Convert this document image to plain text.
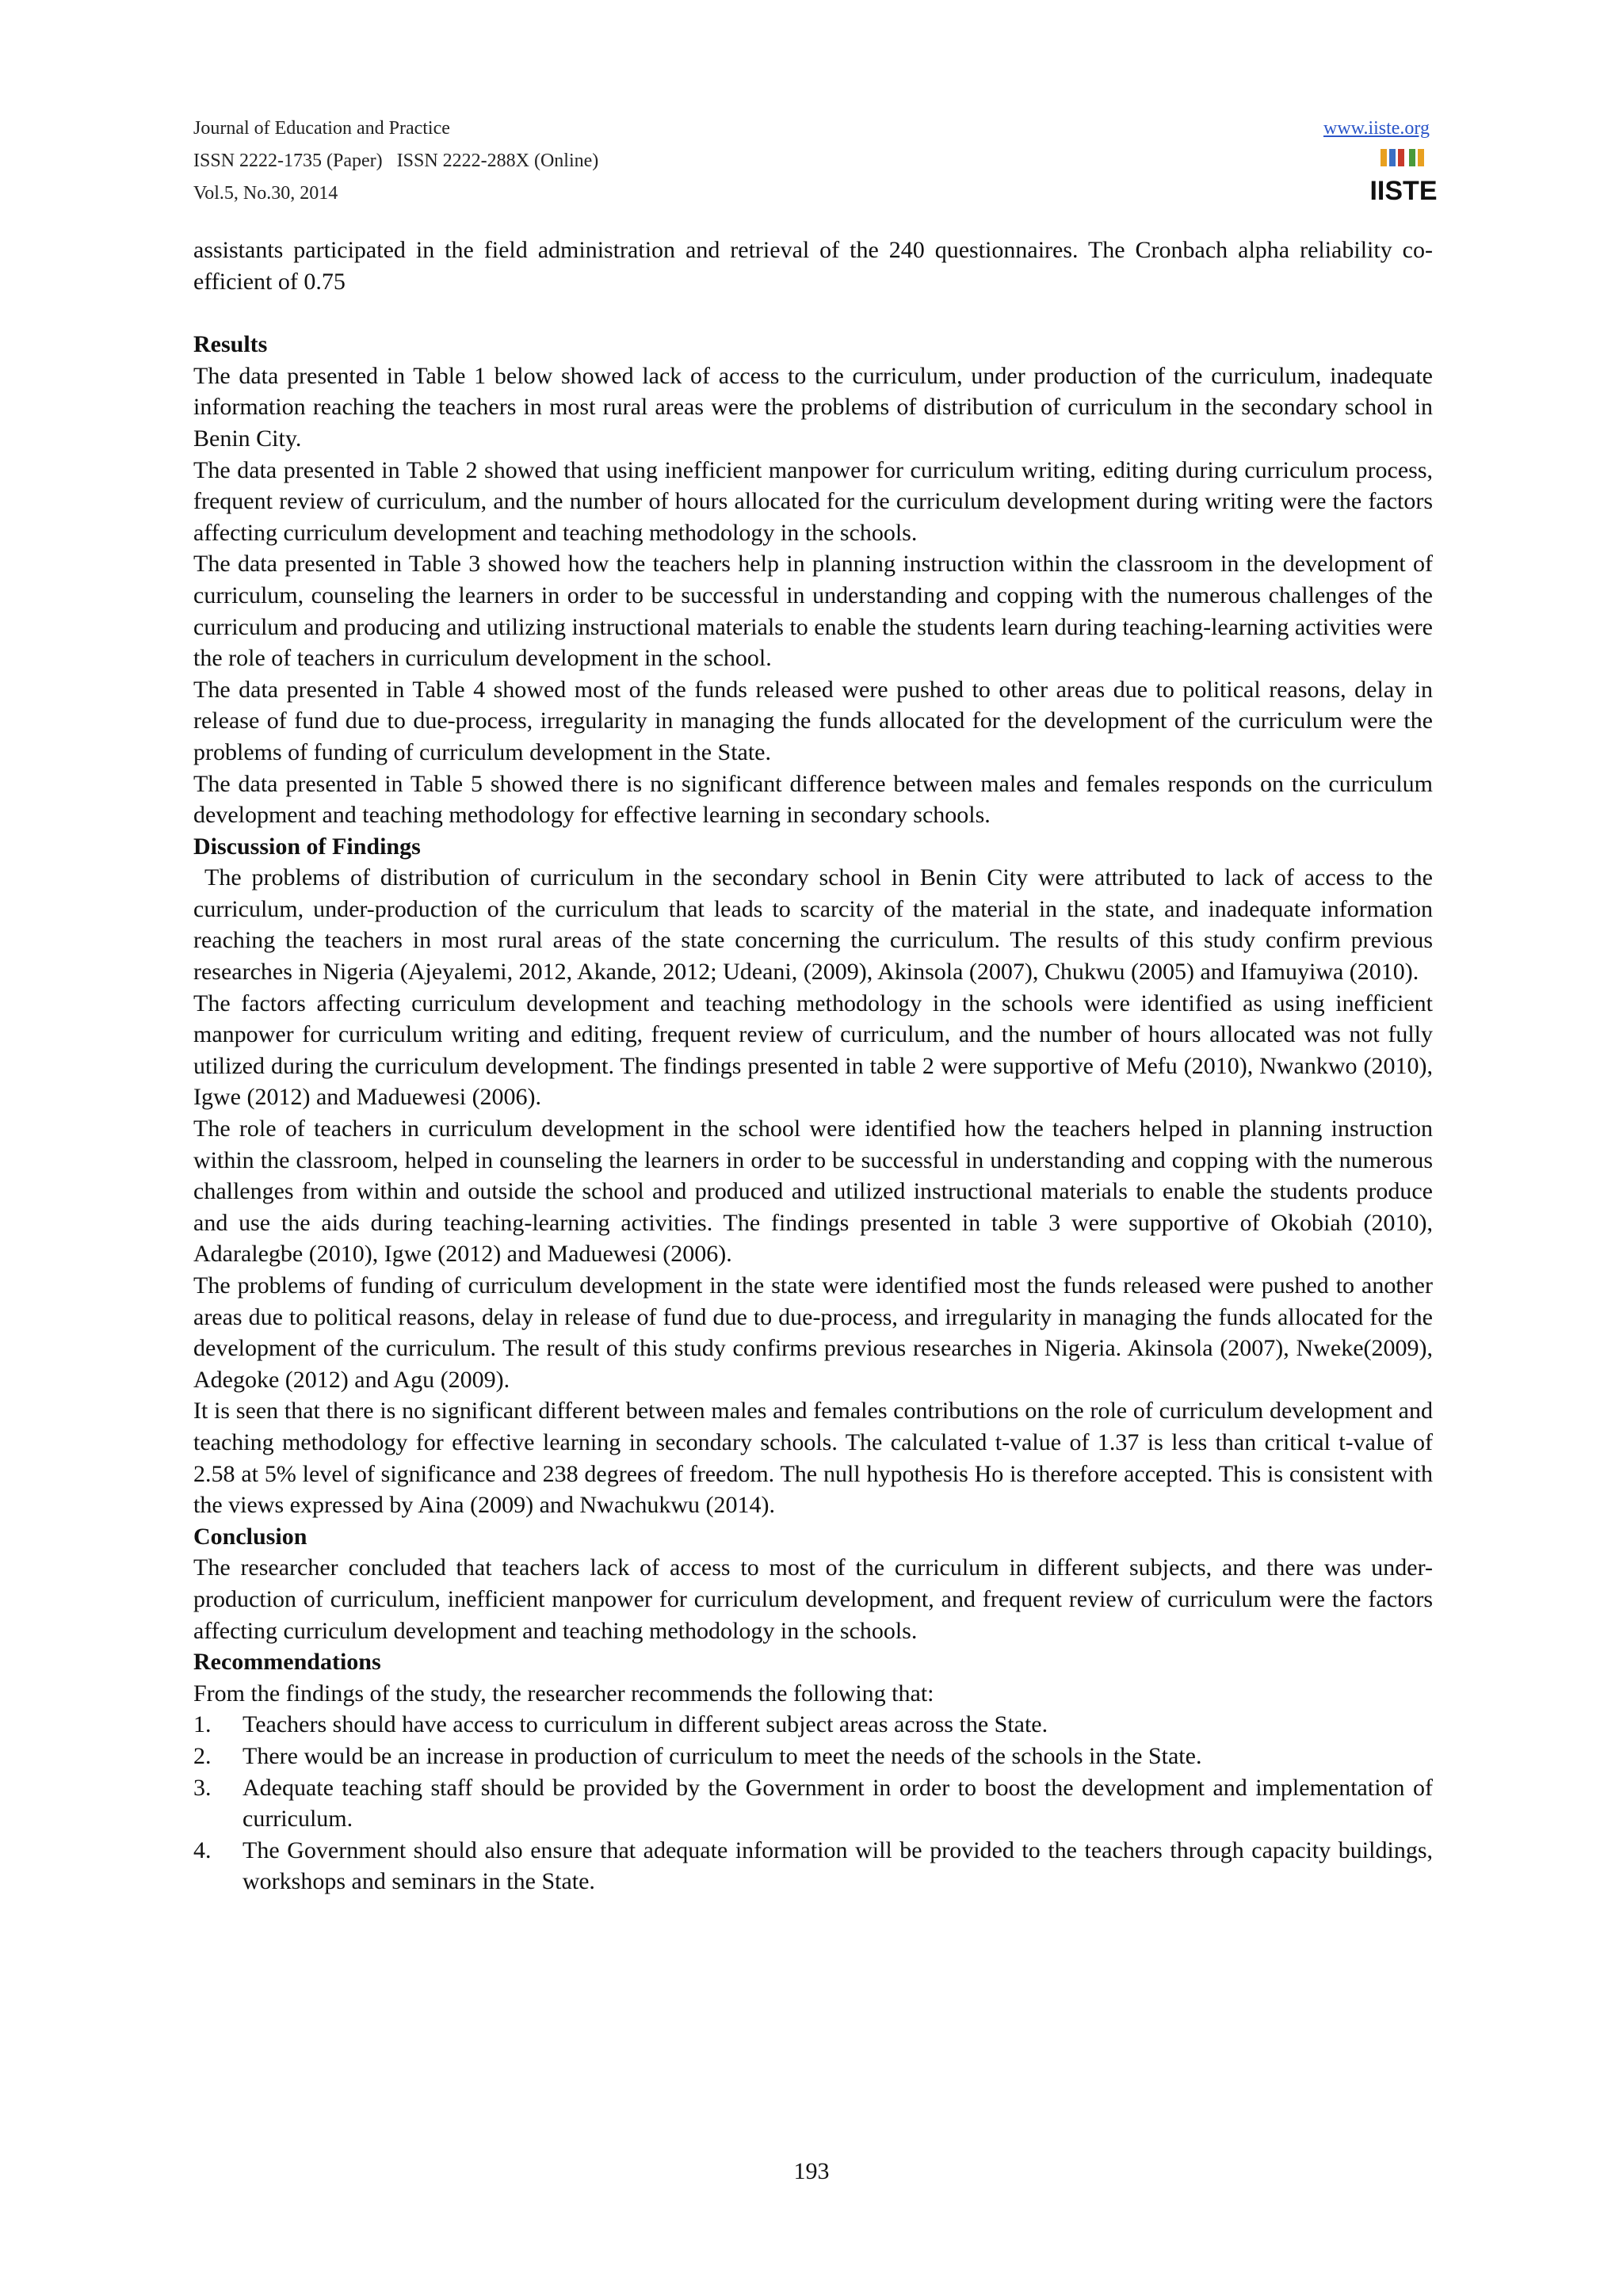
Journal of Education and Practice
ISSN 2222-1735 (Paper)   ISSN 2222-288X (Online)
Vol.5, No.30, 2014
www.iiste.org
IISTE

assistants participated in the field administration and retrieval of the 240 questionnaires. The Cronbach alpha reliability co-efficient of 0.75

Results

The data presented in Table 1 below showed lack of access to the curriculum, under production of the curriculum, inadequate information reaching the teachers in most rural areas were the problems of distribution of curriculum in the secondary school in Benin City.

The data presented in Table 2 showed that using inefficient manpower for curriculum writing, editing during curriculum process, frequent review of curriculum, and the number of hours allocated for the curriculum development during writing were the factors affecting curriculum development and teaching methodology in the schools.

The data presented in Table 3 showed how the teachers help in planning instruction within the classroom in the development of curriculum, counseling the learners in order to be successful in understanding and copping with the numerous challenges of the curriculum and producing and utilizing instructional materials to enable the students learn during teaching-learning activities were the role of teachers in curriculum development in the school.

The data presented in Table 4 showed most of the funds released were pushed to other areas due to political reasons, delay in release of fund due to due-process, irregularity in managing the funds allocated for the development of the curriculum were the problems of funding of curriculum development in the State.

The data presented in Table 5 showed there is no significant difference between males and females responds on the curriculum development and teaching methodology for effective learning in secondary schools.

Discussion of Findings

The problems of distribution of curriculum in the secondary school in Benin City were attributed to lack of access to the curriculum, under-production of the curriculum that leads to scarcity of the material in the state, and inadequate information reaching the teachers in most rural areas of the state concerning the curriculum. The results of this study confirm previous researches in Nigeria (Ajeyalemi, 2012, Akande, 2012; Udeani, (2009), Akinsola (2007), Chukwu (2005) and Ifamuyiwa (2010).

The factors affecting curriculum development and teaching methodology in the schools were identified as using inefficient manpower for curriculum writing and editing, frequent review of curriculum, and the number of hours allocated was not fully utilized during the curriculum development. The findings presented in table 2 were supportive of Mefu (2010), Nwankwo (2010), Igwe (2012) and Maduewesi (2006).

The role of teachers in curriculum development in the school were identified how the teachers helped in planning instruction within the classroom, helped in counseling the learners in order to be successful in understanding and copping with the numerous challenges from within and outside the school and produced and utilized instructional materials to enable the students produce and use the aids during teaching-learning activities. The findings presented in table 3 were supportive of Okobiah (2010), Adaralegbe (2010), Igwe (2012) and Maduewesi (2006).

The problems of funding of curriculum development in the state were identified most the funds released were pushed to another areas due to political reasons, delay in release of fund due to due-process, and irregularity in managing the funds allocated for the development of the curriculum. The result of this study confirms previous researches in Nigeria. Akinsola (2007), Nweke(2009), Adegoke (2012) and Agu (2009).

It is seen that there is no significant different between males and females contributions on the role of curriculum development and teaching methodology for effective learning in secondary schools. The calculated t-value of 1.37 is less than critical t-value of 2.58 at 5% level of significance and 238 degrees of freedom. The null hypothesis Ho is therefore accepted. This is consistent with the views expressed by Aina (2009) and Nwachukwu (2014).

Conclusion

The researcher concluded that teachers lack of access to most of the curriculum in different subjects, and there was under-production of curriculum, inefficient manpower for curriculum development, and frequent review of curriculum were the factors affecting curriculum development and teaching methodology in the schools.

Recommendations

From the findings of the study, the researcher recommends the following that:

1. Teachers should have access to curriculum in different subject areas across the State.
2. There would be an increase in production of curriculum to meet the needs of the schools in the State.
3. Adequate teaching staff should be provided by the Government in order to boost the development and implementation of curriculum.
4. The Government should also ensure that adequate information will be provided to the teachers through capacity buildings, workshops and seminars in the State.
193
